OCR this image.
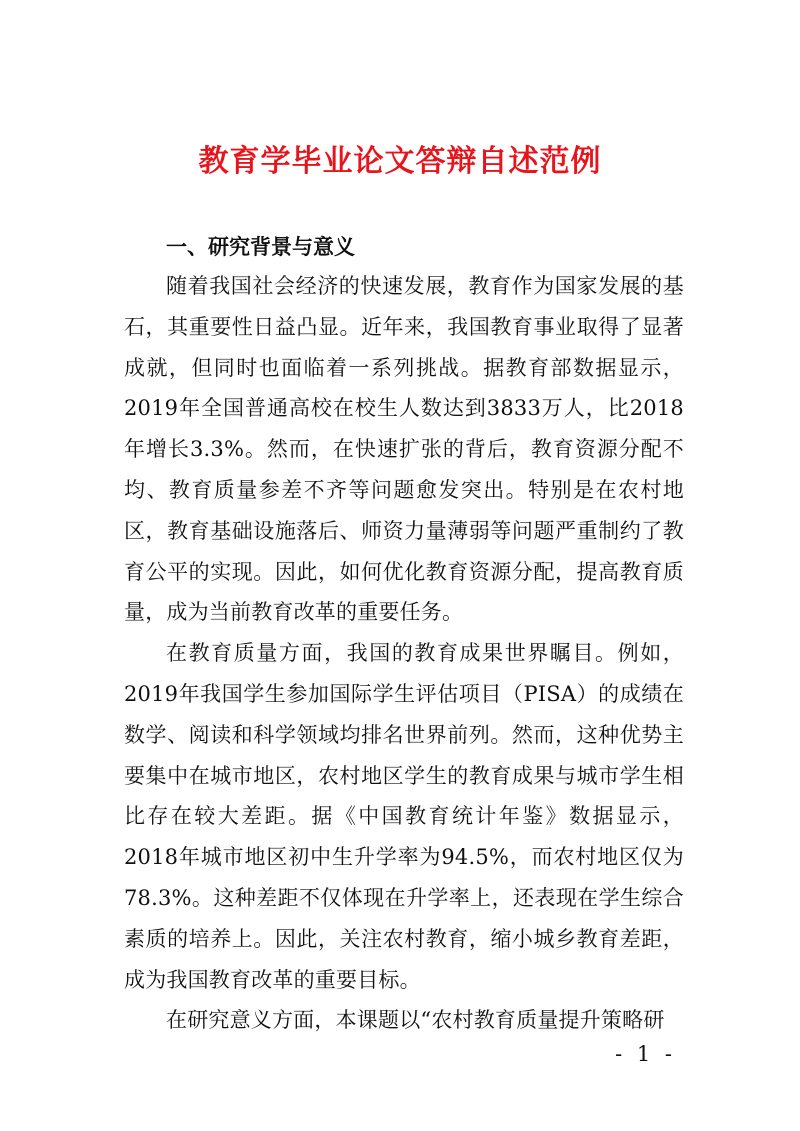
教育学毕业论文答辩自述范例
一、研究背景与意义

随着我国社会经济的快速发展，教育作为国家发展的基石，其重要性日益凸显。近年来，我国教育事业取得了显著成就，但同时也面临着一系列挑战。据教育部数据显示，2019年全国普通高校在校生人数达到3833万人，比2018年增长3.3%。然而，在快速扩张的背后，教育资源分配不均、教育质量参差不齐等问题愈发突出。特别是在农村地区，教育基础设施落后、师资力量薄弱等问题严重制约了教育公平的实现。因此，如何优化教育资源分配，提高教育质量，成为当前教育改革的重要任务。

在教育质量方面，我国的教育成果世界瞩目。例如，2019年我国学生参加国际学生评估项目（PISA）的成绩在数学、阅读和科学领域均排名世界前列。然而，这种优势主要集中在城市地区，农村地区学生的教育成果与城市学生相比存在较大差距。据《中国教育统计年鉴》数据显示，2018年城市地区初中生升学率为94.5%，而农村地区仅为78.3%。这种差距不仅体现在升学率上，还表现在学生综合素质的培养上。因此，关注农村教育，缩小城乡教育差距，成为我国教育改革的重要目标。

在研究意义方面，本课题以“农村教育质量提升策略研

- 1 -
